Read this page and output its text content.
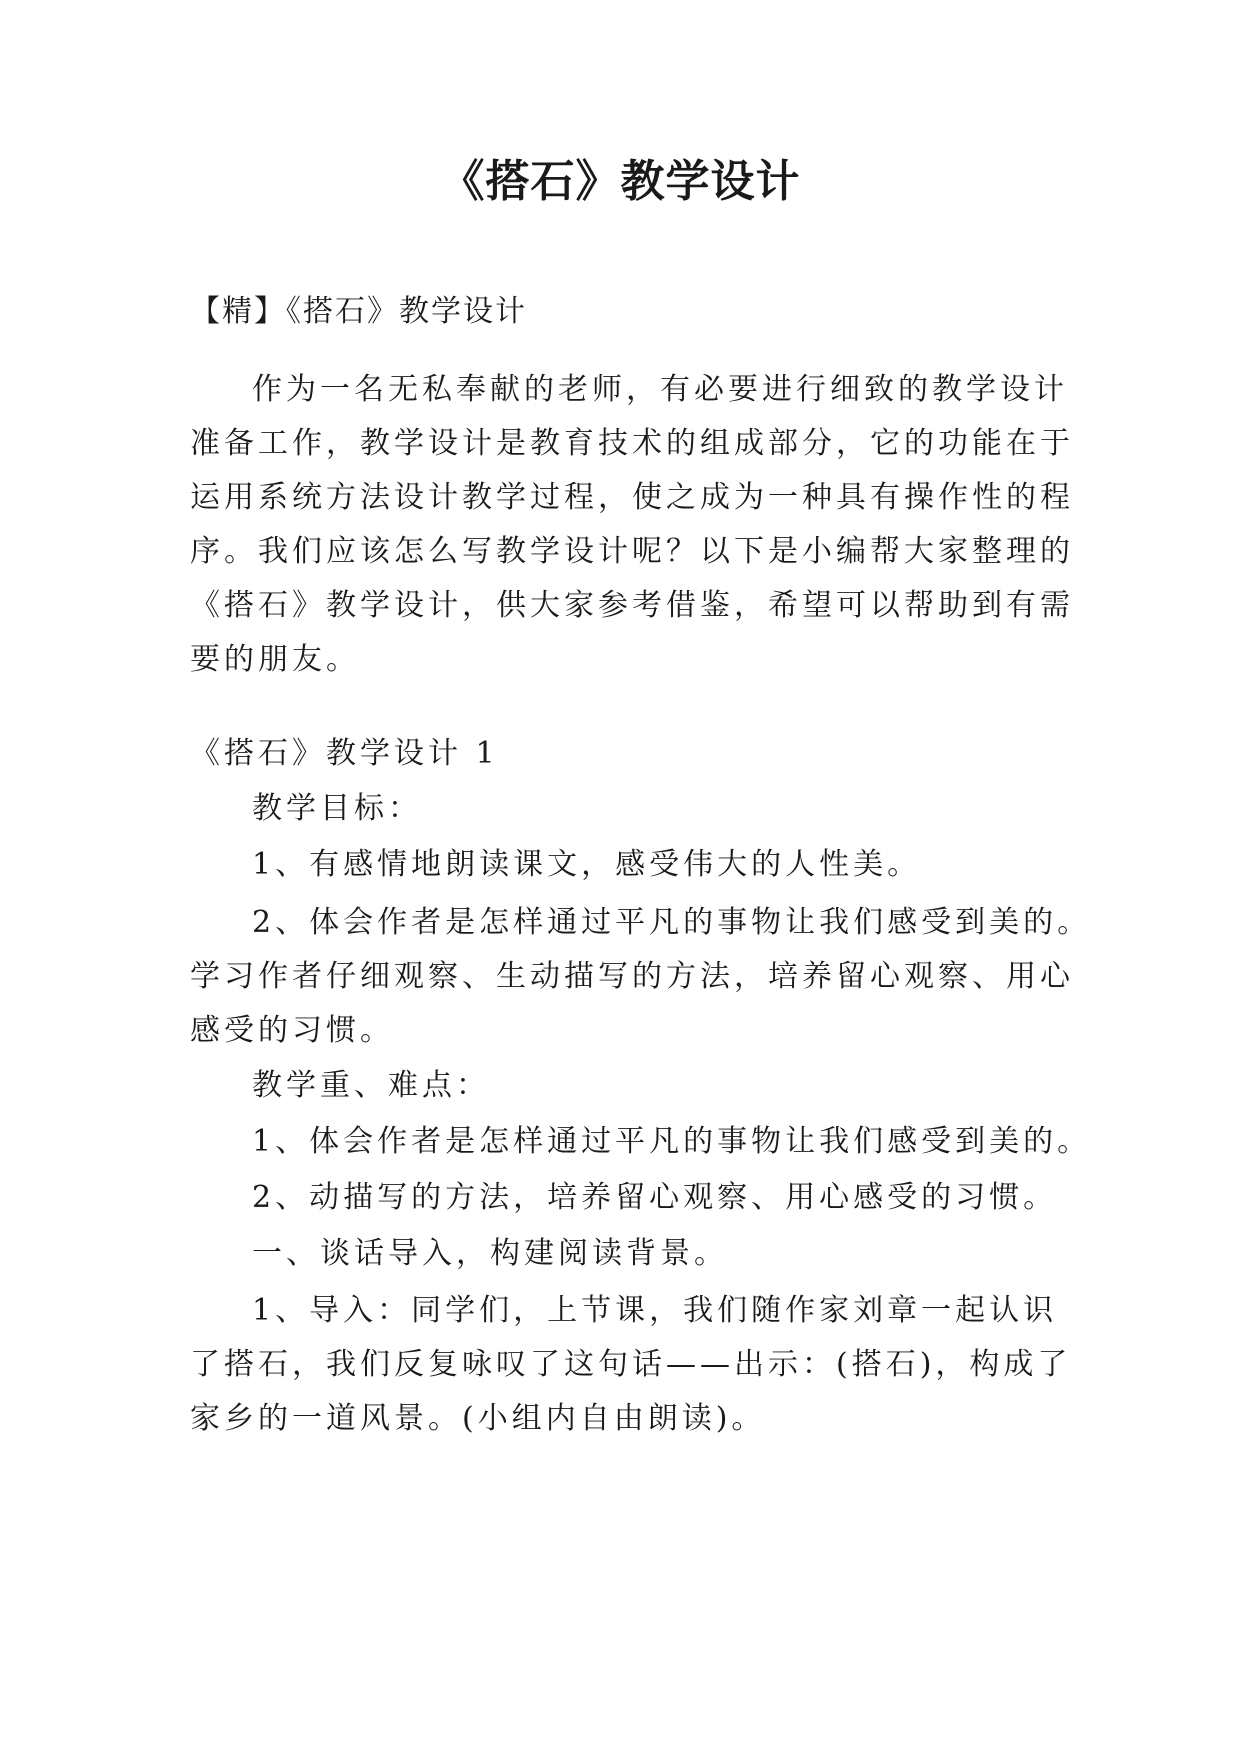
《搭石》教学设计
【精】《搭石》教学设计
作为一名无私奉献的老师，有必要进行细致的教学设计
准备工作，教学设计是教育技术的组成部分，它的功能在于
运用系统方法设计教学过程，使之成为一种具有操作性的程
序。我们应该怎么写教学设计呢？以下是小编帮大家整理的
《搭石》教学设计，供大家参考借鉴，希望可以帮助到有需
要的朋友。
《搭石》教学设计 1
教学目标：
1、有感情地朗读课文，感受伟大的人性美。
2、体会作者是怎样通过平凡的事物让我们感受到美的。
学习作者仔细观察、生动描写的方法，培养留心观察、用心
感受的习惯。
教学重、难点：
1、体会作者是怎样通过平凡的事物让我们感受到美的。
2、动描写的方法，培养留心观察、用心感受的习惯。
一、谈话导入，构建阅读背景。
1、导入：同学们，上节课，我们随作家刘章一起认识
了搭石，我们反复咏叹了这句话——出示：(搭石)，构成了
家乡的一道风景。(小组内自由朗读)。
